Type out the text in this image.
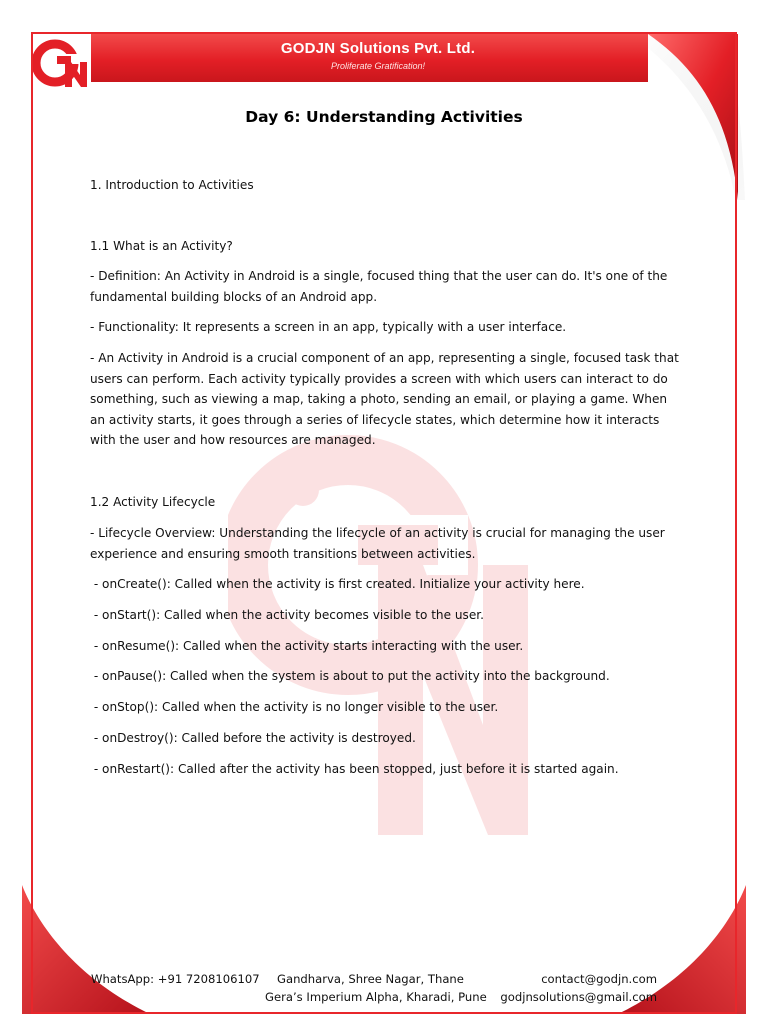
GODJN Solutions Pvt. Ltd.
Proliferate Gratification!
Day 6: Understanding Activities
1. Introduction to Activities
1.1 What is an Activity?
- Definition: An Activity in Android is a single, focused thing that the user can do. It's one of the fundamental building blocks of an Android app.
- Functionality: It represents a screen in an app, typically with a user interface.
- An Activity in Android is a crucial component of an app, representing a single, focused task that users can perform. Each activity typically provides a screen with which users can interact to do something, such as viewing a map, taking a photo, sending an email, or playing a game. When an activity starts, it goes through a series of lifecycle states, which determine how it interacts with the user and how resources are managed.
1.2 Activity Lifecycle
- Lifecycle Overview: Understanding the lifecycle of an activity is crucial for managing the user experience and ensuring smooth transitions between activities.
- onCreate(): Called when the activity is first created. Initialize your activity here.
- onStart(): Called when the activity becomes visible to the user.
- onResume(): Called when the activity starts interacting with the user.
- onPause(): Called when the system is about to put the activity into the background.
- onStop(): Called when the activity is no longer visible to the user.
- onDestroy(): Called before the activity is destroyed.
- onRestart(): Called after the activity has been stopped, just before it is started again.
WhatsApp: +91 7208106107 Gandharva, Shree Nagar, Thane
Gera’s Imperium Alpha, Kharadi, Pune
contact@godjn.com
godjnsolutions@gmail.com
